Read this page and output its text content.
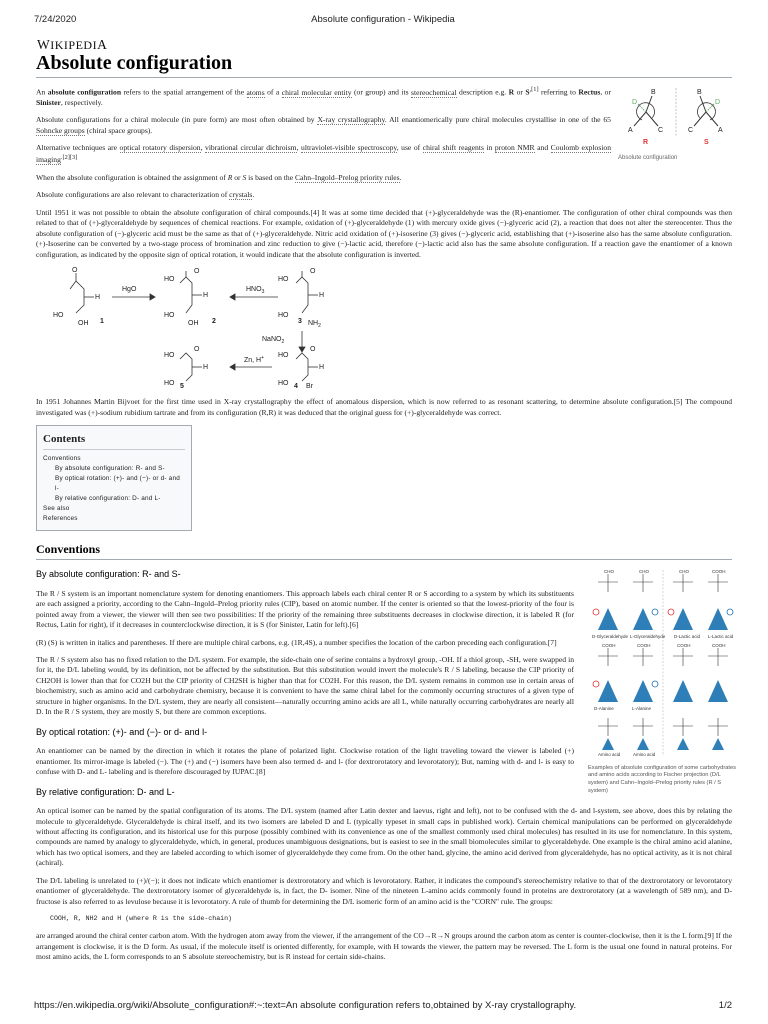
7/24/2020	Absolute configuration - Wikipedia
WIKIPEDIA
Absolute configuration
B
A	C
D
R
B
A
C
D
S
Absolute configuration

An absolute configuration refers to the spatial arrangement of the atoms of a chiral molecular entity (or group) and its stereochemical description e.g. R or $S^{,[1]}$ referring to Rectus, or Sinister, respectively.

Absolute configurations for a chiral molecule (in pure form) are most often obtained by X-ray crystallography. All enantiomerically pure chiral molecules crystallise in one of the 65 Sohncke groups (chiral space groups).

Alternative techniques are optical rotatory dispersion, vibrational circular dichroism, ultraviolet-visible spectroscopy, use of chiral shift reagents in proton NMR and Coulomb explosion imaging$^{.[2][3]}$

When the absolute configuration is obtained the assignment of R or S is based on the Cahn–Ingold–Prelog priority rules.

Absolute configurations are also relevant to characterization of crystals.

Until 1951 it was not possible to obtain the absolute configuration of chiral compounds.[4] It was at some time decided that (+)-glyceraldehyde was the (R)-enantiomer. The configuration of other chiral compounds was then related to that of (+)-glyceraldehyde by sequences of chemical reactions. For example, oxidation of (+)-glyceraldehyde (1) with mercury oxide gives (−)-glyceric acid (2), a reaction that does not alter the stereocenter. Thus the absolute configuration of (−)-glyceric acid must be the same as that of (+)-glyceraldehyde. Nitric acid oxidation of (+)-isoserine (3) gives (−)-glyceric acid, establishing that (+)-isoserine also has the same absolute configuration. (+)-Isoserine can be converted by a two-stage process of bromination and zinc reduction to give (−)-lactic acid, therefore (−)-lactic acid also has the same absolute configuration. If a reaction gave the enantiomer of a known configuration, as indicated by the opposite sign of optical rotation, it would indicate that the absolute configuration is inverted.

O
HO
H
OH 1
HgO
HO
O
HO
H
OH 2
$HNO_3$
HO
O
HO
H
$NH_2$
3
NaNO$_2$
HO
O
HO
H
Br
4
Zn, H+
HO
O
HO
H
5

In 1951 Johannes Martin Bijvoet for the first time used in X-ray crystallography the effect of anomalous dispersion, which is now referred to as resonant scattering, to determine absolute configuration.[5] The compound investigated was (+)-sodium rubidium tartrate and from its configuration (R,R) it was deduced that the original guess for (+)-glyceraldehyde was correct.

Contents
Conventions
By absolute configuration: R- and S-
By optical rotation: (+)- and (−)- or d- and l-
By relative configuration: D- and L-
See also
References
Conventions
By absolute configuration: R- and S-

The R / S system is an important nomenclature system for denoting enantiomers. This approach labels each chiral center R or S according to a system by which its substituents are each assigned a priority, according to the Cahn–Ingold–Prelog priority rules (CIP), based on atomic number. If the center is oriented so that the lowest-priority of the four is pointed away from a viewer, the viewer will then see two possibilities: If the priority of the remaining three substituents decreases in clockwise direction, it is labeled R (for Rectus, Latin for right), if it decreases in counterclockwise direction, it is S (for Sinister, Latin for left).[6]

(R) (S) is written in italics and parentheses. If there are multiple chiral carbons, e.g. (1R,4S), a number specifies the location of the carbon preceding each configuration.[7]

The R / S system also has no fixed relation to the D/L system. For example, the side-chain one of serine contains a hydroxyl group, -OH. If a thiol group, -SH, were swapped in for it, the D/L labeling would, by its definition, not be affected by the substitution. But this substitution would invert the molecule's R / S labeling, because the CIP priority of CH2OH is lower than that for CO2H but the CIP priority of CH2SH is higher than that for CO2H. For this reason, the D/L system remains in common use in certain areas of biochemistry, such as amino acid and carbohydrate chemistry, because it is convenient to have the same chiral label for the commonly occurring structures of a given type of structure in higher organisms. In the D/L system, they are nearly all consistent—naturally occurring amino acids are all L, while naturally occurring carbohydrates are nearly all D. In the R / S system, they are mostly S, but there are common exceptions.

By optical rotation: (+)- and (−)- or d- and l-

An enantiomer can be named by the direction in which it rotates the plane of polarized light. Clockwise rotation of the light traveling toward the viewer is labeled (+) enantiomer. Its mirror-image is labeled (−). The (+) and (−) isomers have been also termed d- and l- (for dextrorotatory and levorotatory); But, naming with d- and l- is easy to confuse with D- and L- labeling and is therefore discouraged by IUPAC.[8]

CHO	CHO	CHO	COOH
D-Glyceraldehyde L-Glyceraldehyde D-Lactic acid L-Lactic acid
COOH	COOH	COOH	COOH
D-Alanine	L-Alanine
Amino acid	Amino acid
Examples of absolute configuration of some carbohydrates and amino acids according to Fischer projection (D/L system) and Cahn–Ingold–Prelog priority rules (R / S system)
By relative configuration: D- and L-

An optical isomer can be named by the spatial configuration of its atoms. The D/L system (named after Latin dexter and laevus, right and left), not to be confused with the d- and l-system, see above, does this by relating the molecule to glyceraldehyde. Glyceraldehyde is chiral itself, and its two isomers are labeled D and L (typically typeset in small caps in published work). Certain chemical manipulations can be performed on glyceraldehyde without affecting its configuration, and its historical use for this purpose (possibly combined with its convenience as one of the smallest commonly used chiral molecules) has resulted in its use for nomenclature. In this system, compounds are named by analogy to glyceraldehyde, which, in general, produces unambiguous designations, but is easiest to see in the small biomolecules similar to glyceraldehyde. One example is the chiral amino acid alanine, which has two optical isomers, and they are labeled according to which isomer of glyceraldehyde they come from. On the other hand, glycine, the amino acid derived from glyceraldehyde, has no optical activity, as it is not chiral (achiral).

The D/L labeling is unrelated to (+)/(−); it does not indicate which enantiomer is dextrorotatory and which is levorotatory. Rather, it indicates the compound's stereochemistry relative to that of the dextrorotatory or levorotatory enantiomer of glyceraldehyde. The dextrorotatory isomer of glyceraldehyde is, in fact, the D- isomer. Nine of the nineteen L-amino acids commonly found in proteins are dextrorotatory (at a wavelength of 589 nm), and D-fructose is also referred to as levulose because it is levorotatory. A rule of thumb for determining the D/L isomeric form of an amino acid is the "CORN" rule. The groups:

COOH, R, NH2 and H (where R is the side-chain)

are arranged around the chiral center carbon atom. With the hydrogen atom away from the viewer, if the arrangement of the CO→R→N groups around the carbon atom as center is counter-clockwise, then it is the L form.[9] If the arrangement is clockwise, it is the D form. As usual, if the molecule itself is oriented differently, for example, with H towards the viewer, the pattern may be reversed. The L form is the usual one found in natural proteins. For most amino acids, the L form corresponds to an S absolute stereochemistry, but is R instead for certain side-chains.

https://en.wikipedia.org/wiki/Absolute_configuration#:~:text=An absolute configuration refers to,obtained by X-ray crystallography.	1/2
